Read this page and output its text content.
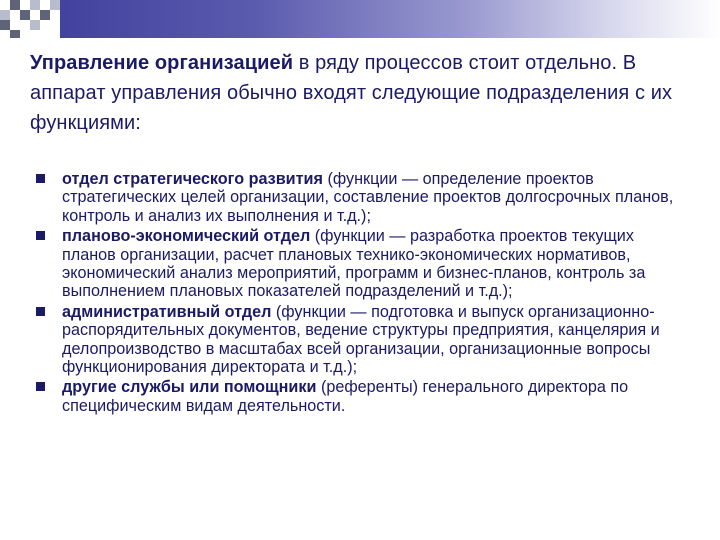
Управление организацией в ряду процессов стоит отдельно. В аппарат управления обычно входят следующие подразделения с их функциями:
отдел стратегического развития (функции — определение проектов стратегических целей организации, составление проектов долгосрочных планов, контроль и анализ их выполнения и т.д.);
планово-экономический отдел (функции — разработка проектов текущих планов организации, расчет плановых технико-экономических нормативов, экономический анализ мероприятий, программ и бизнес-планов, контроль за выполнением плановых показателей подразделений и т.д.);
административный отдел (функции — подготовка и выпуск организационно-распорядительных документов, ведение структуры предприятия, канцелярия и делопроизводство в масштабах всей организации, организационные вопросы функционирования директората и т.д.);
другие службы или помощники (референты) генерального директора по специфическим видам деятельности.
